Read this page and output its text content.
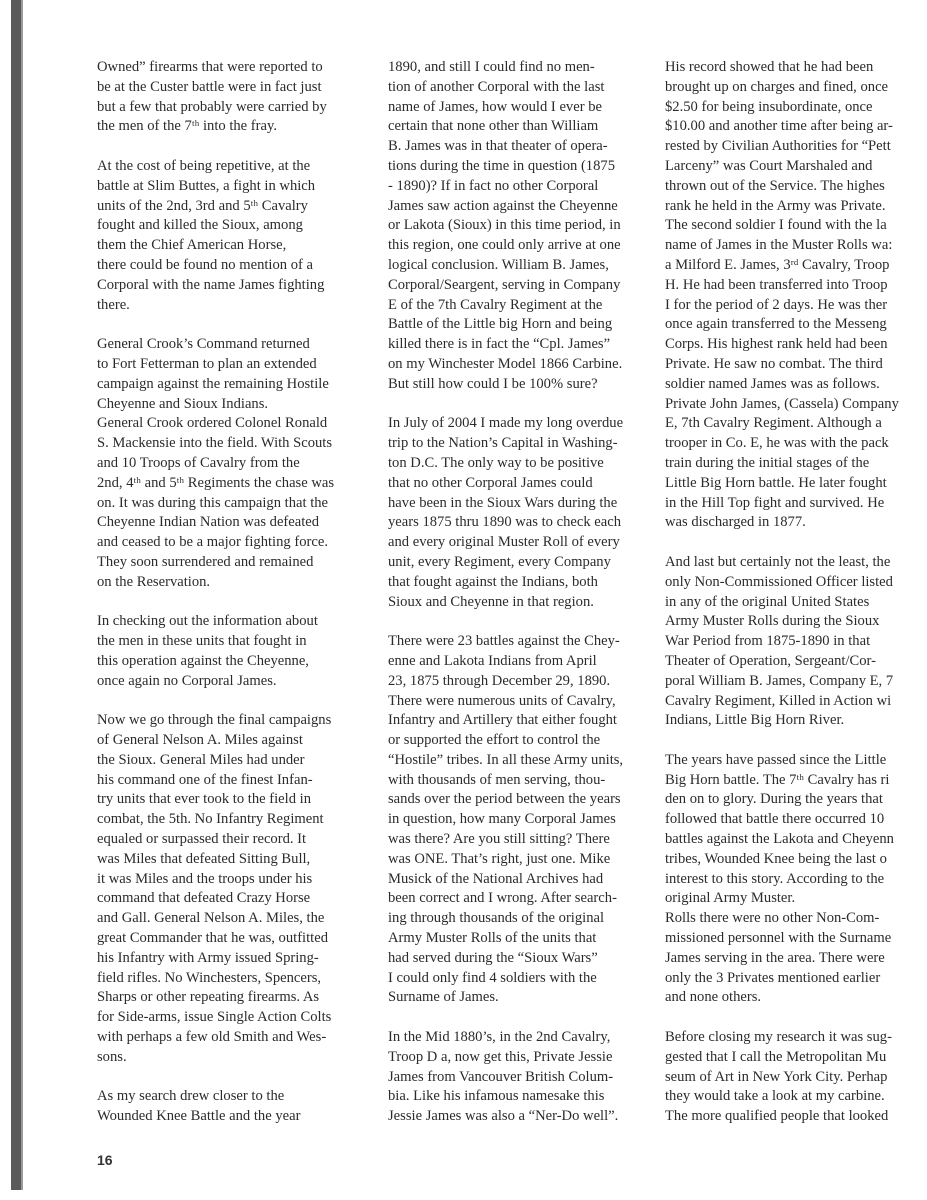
Owned” firearms that were reported to
be at the Custer battle were in fact just
but a few that probably were carried by
the men of the 7ᵗʰ into the fray.
At the cost of being repetitive, at the
battle at Slim Buttes, a fight in which
units of the 2nd, 3rd and 5ᵗʰ Cavalry
fought and killed the Sioux, among
them the Chief American Horse,
there could be found no mention of a
Corporal with the name James fighting
there.
General Crook’s Command returned
to Fort Fetterman to plan an extended
campaign against the remaining Hostile
Cheyenne and Sioux Indians.
General Crook ordered Colonel Ronald
S. Mackensie into the field. With Scouts
and 10 Troops of Cavalry from the
2nd, 4ᵗʰ and 5ᵗʰ Regiments the chase was
on. It was during this campaign that the
Cheyenne Indian Nation was defeated
and ceased to be a major fighting force.
They soon surrendered and remained
on the Reservation.
In checking out the information about
the men in these units that fought in
this operation against the Cheyenne,
once again no Corporal James.
Now we go through the final campaigns
of General Nelson A. Miles against
the Sioux. General Miles had under
his command one of the finest Infan-
try units that ever took to the field in
combat, the 5th. No Infantry Regiment
equaled or surpassed their record. It
was Miles that defeated Sitting Bull,
it was Miles and the troops under his
command that defeated Crazy Horse
and Gall. General Nelson A. Miles, the
great Commander that he was, outfitted
his Infantry with Army issued Spring-
field rifles. No Winchesters, Spencers,
Sharps or other repeating firearms. As
for Side-arms, issue Single Action Colts
with perhaps a few old Smith and Wes-
sons.
As my search drew closer to the
Wounded Knee Battle and the year
1890, and still I could find no men-
tion of another Corporal with the last
name of James, how would I ever be
certain that none other than William
B. James was in that theater of opera-
tions during the time in question (1875
- 1890)? If in fact no other Corporal
James saw action against the Cheyenne
or Lakota (Sioux) in this time period, in
this region, one could only arrive at one
logical conclusion. William B. James,
Corporal/Seargent, serving in Company
E of the 7th Cavalry Regiment at the
Battle of the Little big Horn and being
killed there is in fact the “Cpl. James”
on my Winchester Model 1866 Carbine.
But still how could I be 100% sure?
In July of 2004 I made my long overdue
trip to the Nation’s Capital in Washing-
ton D.C. The only way to be positive
that no other Corporal James could
have been in the Sioux Wars during the
years 1875 thru 1890 was to check each
and every original Muster Roll of every
unit, every Regiment, every Company
that fought against the Indians, both
Sioux and Cheyenne in that region.
There were 23 battles against the Chey-
enne and Lakota Indians from April
23, 1875 through December 29, 1890.
There were numerous units of Cavalry,
Infantry and Artillery that either fought
or supported the effort to control the
“Hostile” tribes. In all these Army units,
with thousands of men serving, thou-
sands over the period between the years
in question, how many Corporal James
was there? Are you still sitting? There
was ONE. That’s right, just one. Mike
Musick of the National Archives had
been correct and I wrong. After search-
ing through thousands of the original
Army Muster Rolls of the units that
had served during the “Sioux Wars”
I could only find 4 soldiers with the
Surname of James.
In the Mid 1880’s, in the 2nd Cavalry,
Troop D a, now get this, Private Jessie
James from Vancouver British Colum-
bia. Like his infamous namesake this
Jessie James was also a “Ner-Do well”.
His record showed that he had been
brought up on charges and fined, once
$2.50 for being insubordinate, once
$10.00 and another time after being ar-
rested by Civilian Authorities for “Pett
Larceny” was Court Marshaled and
thrown out of the Service. The highes
rank he held in the Army was Private.
The second soldier I found with the la
name of James in the Muster Rolls wa:
a Milford E. James, 3ʳᵈ Cavalry, Troop
H. He had been transferred into Troop
I for the period of 2 days. He was ther
once again transferred to the Messeng
Corps. His highest rank held had been
Private. He saw no combat. The third
soldier named James was as follows.
Private John James, (Cassela) Company
E, 7th Cavalry Regiment. Although a
trooper in Co. E, he was with the pack
train during the initial stages of the
Little Big Horn battle. He later fought
in the Hill Top fight and survived. He
was discharged in 1877.
And last but certainly not the least, the
only Non-Commissioned Officer listed
in any of the original United States
Army Muster Rolls during the Sioux
War Period from 1875-1890 in that
Theater of Operation, Sergeant/Cor-
poral William B. James, Company E, 7
Cavalry Regiment, Killed in Action wi
Indians, Little Big Horn River.
The years have passed since the Little
Big Horn battle. The 7ᵗʰ Cavalry has ri
den on to glory. During the years that
followed that battle there occurred 10
battles against the Lakota and Cheyenn
tribes, Wounded Knee being the last o
interest to this story. According to the
original Army Muster.
Rolls there were no other Non-Com-
missioned personnel with the Surname
James serving in the area. There were
only the 3 Privates mentioned earlier
and none others.
Before closing my research it was sug-
gested that I call the Metropolitan Mu
seum of Art in New York City. Perhap
they would take a look at my carbine.
The more qualified people that looked
16
